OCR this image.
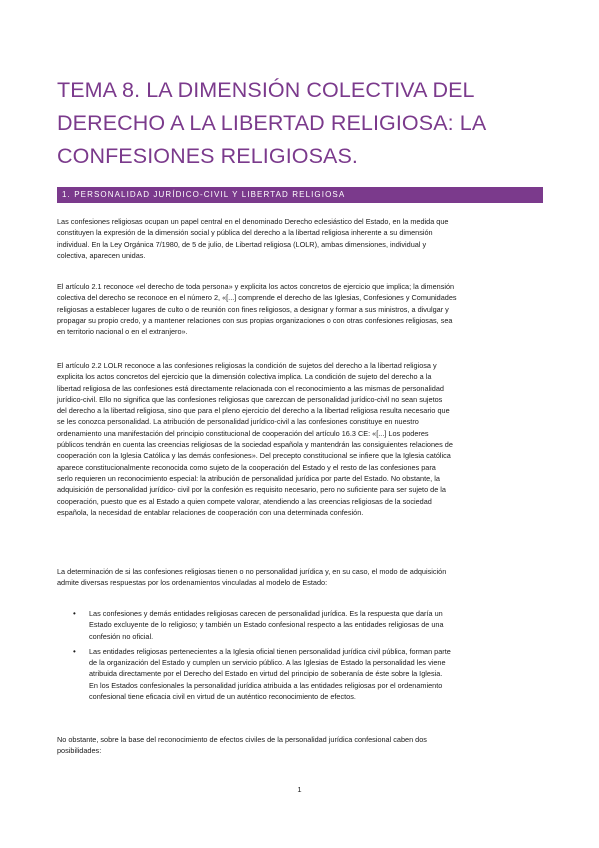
TEMA 8. LA DIMENSIÓN COLECTIVA DEL
DERECHO A LA LIBERTAD RELIGIOSA: LA
CONFESIONES RELIGIOSAS.
1. PERSONALIDAD JURÍDICO-CIVIL Y LIBERTAD RELIGIOSA

Las confesiones religiosas ocupan un papel central en el denominado Derecho eclesiástico del Estado, en la medida que
constituyen la expresión de la dimensión social y pública del derecho a la libertad religiosa inherente a su dimensión
individual. En la Ley Orgánica 7/1980, de 5 de julio, de Libertad religiosa (LOLR), ambas dimensiones, individual y
colectiva, aparecen unidas.

El artículo 2.1 reconoce «el derecho de toda persona» y explicita los actos concretos de ejercicio que implica; la dimensión
colectiva del derecho se reconoce en el número 2, «[...] comprende el derecho de las Iglesias, Confesiones y Comunidades
religiosas a establecer lugares de culto o de reunión con fines religiosos, a designar y formar a sus ministros, a divulgar y
propagar su propio credo, y a mantener relaciones con sus propias organizaciones o con otras confesiones religiosas, sea
en territorio nacional o en el extranjero».

El artículo 2.2 LOLR reconoce a las confesiones religiosas la condición de sujetos del derecho a la libertad religiosa y
explicita los actos concretos del ejercicio que la dimensión colectiva implica. La condición de sujeto del derecho a la
libertad religiosa de las confesiones está directamente relacionada con el reconocimiento a las mismas de personalidad
jurídico-civil. Ello no significa que las confesiones religiosas que carezcan de personalidad jurídico-civil no sean sujetos
del derecho a la libertad religiosa, sino que para el pleno ejercicio del derecho a la libertad religiosa resulta necesario que
se les conozca personalidad. La atribución de personalidad jurídico-civil a las confesiones constituye en nuestro
ordenamiento una manifestación del principio constitucional de cooperación del artículo 16.3 CE: «[...] Los poderes
públicos tendrán en cuenta las creencias religiosas de la sociedad española y mantendrán las consiguientes relaciones de
cooperación con la Iglesia Católica y las demás confesiones». Del precepto constitucional se infiere que la Iglesia católica
aparece constitucionalmente reconocida como sujeto de la cooperación del Estado y el resto de las confesiones para
serlo requieren un reconocimiento especial: la atribución de personalidad jurídica por parte del Estado. No obstante, la
adquisición de personalidad jurídico- civil por la confesión es requisito necesario, pero no suficiente para ser sujeto de la
cooperación, puesto que es al Estado a quien compete valorar, atendiendo a las creencias religiosas de la sociedad
española, la necesidad de entablar relaciones de cooperación con una determinada confesión.

La determinación de si las confesiones religiosas tienen o no personalidad jurídica y, en su caso, el modo de adquisición
admite diversas respuestas por los ordenamientos vinculadas al modelo de Estado:

• Las confesiones y demás entidades religiosas carecen de personalidad jurídica. Es la respuesta que daría un
Estado excluyente de lo religioso; y también un Estado confesional respecto a las entidades religiosas de una
confesión no oficial.
• Las entidades religiosas pertenecientes a la Iglesia oficial tienen personalidad jurídica civil pública, forman parte
de la organización del Estado y cumplen un servicio público. A las Iglesias de Estado la personalidad les viene
atribuida directamente por el Derecho del Estado en virtud del principio de soberanía de éste sobre la Iglesia.
En los Estados confesionales la personalidad jurídica atribuida a las entidades religiosas por el ordenamiento
confesional tiene eficacia civil en virtud de un auténtico reconocimiento de efectos.

No obstante, sobre la base del reconocimiento de efectos civiles de la personalidad jurídica confesional caben dos
posibilidades:

1
